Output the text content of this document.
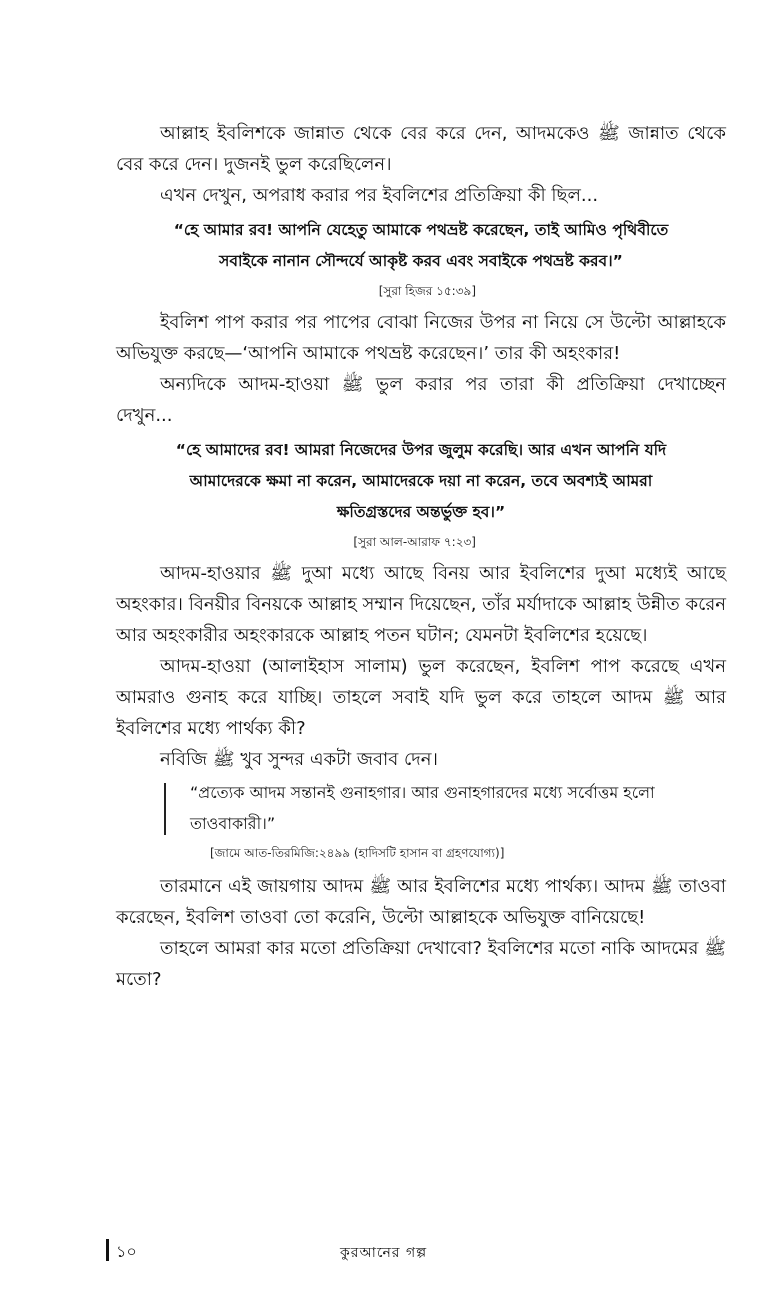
আল্লাহ ইবলিশকে জান্নাত থেকে বের করে দেন, আদমকেও ﷺ জান্নাত থেকে বের করে দেন। দুজনই ভুল করেছিলেন।

এখন দেখুন, অপরাধ করার পর ইবলিশের প্রতিক্রিয়া কী ছিল...

“হে আমার রব! আপনি যেহেতু আমাকে পথভ্রষ্ট করেছেন, তাই আমিও পৃথিবীতে সবাইকে নানান সৌন্দর্যে আকৃষ্ট করব এবং সবাইকে পথভ্রষ্ট করব।”

[সুরা হিজর ১৫:৩৯]

ইবলিশ পাপ করার পর পাপের বোঝা নিজের উপর না নিয়ে সে উল্টো আল্লাহকে অভিযুক্ত করছে—‘আপনি আমাকে পথভ্রষ্ট করেছেন।’ তার কী অহংকার!

অন্যদিকে আদম-হাওয়া ﷺ ভুল করার পর তারা কী প্রতিক্রিয়া দেখাচ্ছেন দেখুন...

“হে আমাদের রব! আমরা নিজেদের উপর জুলুম করেছি। আর এখন আপনি যদি আমাদেরকে ক্ষমা না করেন, আমাদেরকে দয়া না করেন, তবে অবশ্যই আমরা ক্ষতিগ্রস্তদের অন্তর্ভুক্ত হব।”

[সুরা আল-আরাফ ৭:২৩]

আদম-হাওয়ার ﷺ দুআ মধ্যে আছে বিনয় আর ইবলিশের দুআ মধ্যেই আছে অহংকার। বিনয়ীর বিনয়কে আল্লাহ সম্মান দিয়েছেন, তাঁর মর্যাদাকে আল্লাহ উন্নীত করেন আর অহংকারীর অহংকারকে আল্লাহ পতন ঘটান; যেমনটা ইবলিশের হয়েছে।

আদম-হাওয়া (আলাইহাস সালাম) ভুল করেছেন, ইবলিশ পাপ করেছে এখন আমরাও গুনাহ করে যাচ্ছি। তাহলে সবাই যদি ভুল করে তাহলে আদম ﷺ আর ইবলিশের মধ্যে পার্থক্য কী?

নবিজি ﷺ খুব সুন্দর একটা জবাব দেন।

“প্রত্যেক আদম সন্তানই গুনাহগার। আর গুনাহগারদের মধ্যে সর্বোত্তম হলো তাওবাকারী।”

[জামে আত-তিরমিজি:২৪৯৯ (হাদিসটি হাসান বা গ্রহণযোগ্য)]

তারমানে এই জায়গায় আদম ﷺ আর ইবলিশের মধ্যে পার্থক্য। আদম ﷺ তাওবা করেছেন, ইবলিশ তাওবা তো করেনি, উল্টো আল্লাহকে অভিযুক্ত বানিয়েছে!

তাহলে আমরা কার মতো প্রতিক্রিয়া দেখাবো? ইবলিশের মতো নাকি আদমের ﷺ মতো?

১০	কুরআনের গল্প
